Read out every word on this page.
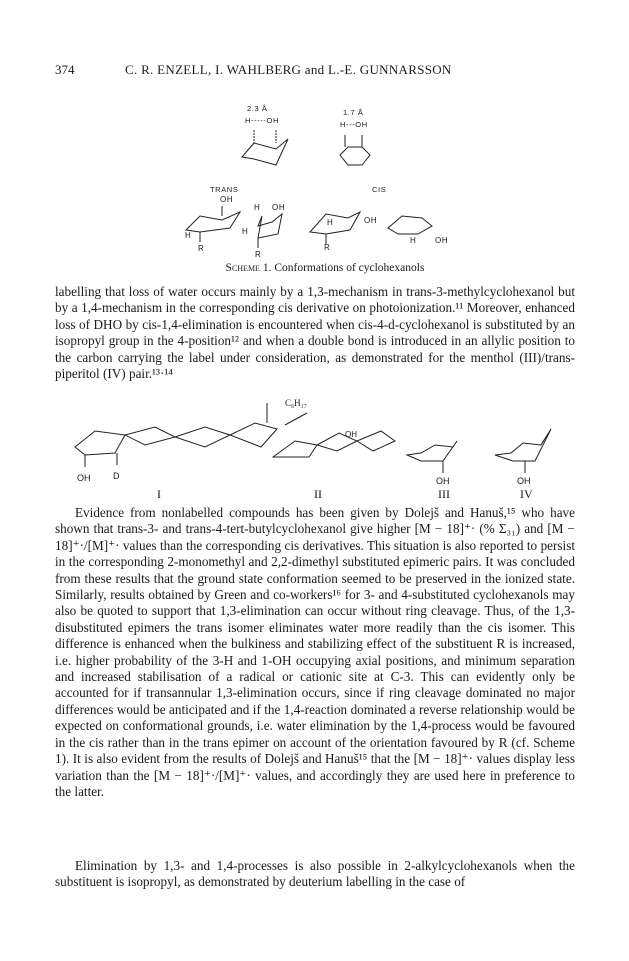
374	C. R. ENZELL, I. WAHLBERG and L.-E. GUNNARSSON
2.3 Å	1.7 Å
H-----OH	H---OH
TRANS	CIS
OH
H OH
OH
OH
H
R
H
R
H
R
H
Scheme 1. Conformations of cyclohexanols

labelling that loss of water occurs mainly by a 1,3-mechanism in trans-3-methylcyclohexanol but by a 1,4-mechanism in the corresponding cis derivative on photoionization.¹¹ Moreover, enhanced loss of DHO by cis-1,4-elimination is encountered when cis-4-d-cyclohexanol is substituted by an isopropyl group in the 4-position¹² and when a double bond is introduced in an allylic position to the carbon carrying the label under consideration, as demonstrated for the menthol (III)/trans-piperitol (IV) pair.¹³·¹⁴

C₈H₁₇
OH	D
OH
OH	OH
I	II	III	IV

Evidence from nonlabelled compounds has been given by Dolejš and Hanuš,¹⁵ who have shown that trans-3- and trans-4-tert-butylcyclohexanol give higher [M − 18]⁺· (% Σ₃₁) and [M − 18]⁺·/[M]⁺· values than the corresponding cis derivatives. This situation is also reported to persist in the corresponding 2-monomethyl and 2,2-dimethyl substituted epimeric pairs. It was concluded from these results that the ground state conformation seemed to be preserved in the ionized state. Similarly, results obtained by Green and co-workers¹⁶ for 3- and 4-substituted cyclohexanols may also be quoted to support that 1,3-elimination can occur without ring cleavage. Thus, of the 1,3-disubstituted epimers the trans isomer eliminates water more readily than the cis isomer. This difference is enhanced when the bulkiness and stabilizing effect of the substituent R is increased, i.e. higher probability of the 3-H and 1-OH occupying axial positions, and minimum separation and increased stabilisation of a radical or cationic site at C-3. This can evidently only be accounted for if transannular 1,3-elimination occurs, since if ring cleavage dominated no major differences would be anticipated and if the 1,4-reaction dominated a reverse relationship would be expected on conformational grounds, i.e. water elimination by the 1,4-process would be favoured in the cis rather than in the trans epimer on account of the orientation favoured by R (cf. Scheme 1). It is also evident from the results of Dolejš and Hanuš¹⁵ that the [M − 18]⁺· values display less variation than the [M − 18]⁺·/[M]⁺· values, and accordingly they are used here in preference to the latter.

Elimination by 1,3- and 1,4-processes is also possible in 2-alkylcyclohexanols when the substituent is isopropyl, as demonstrated by deuterium labelling in the case of
